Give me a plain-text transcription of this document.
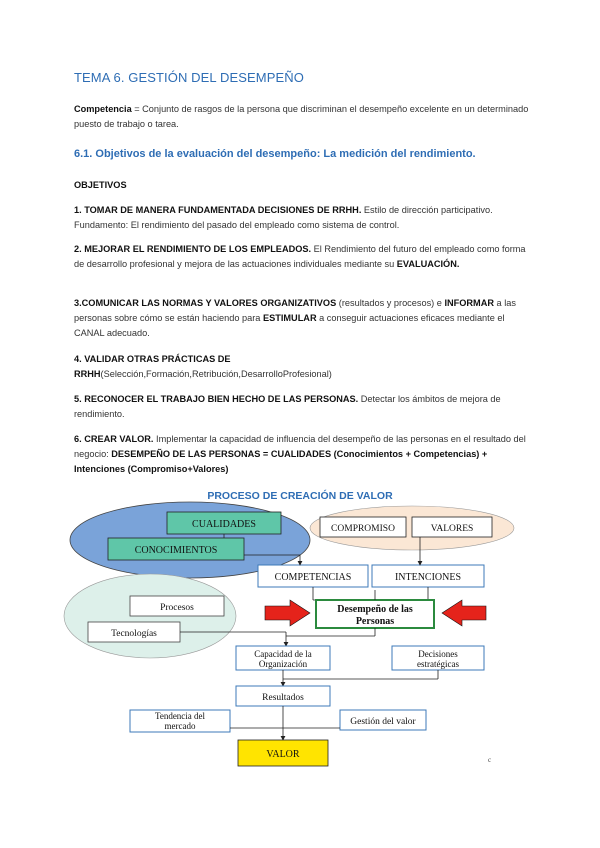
TEMA 6. GESTIÓN DEL DESEMPEÑO
Competencia = Conjunto de rasgos de la persona que discriminan el desempeño excelente en un determinado puesto de trabajo o tarea.
6.1. Objetivos de la evaluación del desempeño: La medición del rendimiento.
OBJETIVOS
1. TOMAR DE MANERA FUNDAMENTADA DECISIONES DE RRHH. Estilo de dirección participativo. Fundamento: El rendimiento del pasado del empleado como sistema de control.
2. MEJORAR EL RENDIMIENTO DE LOS EMPLEADOS. El Rendimiento del futuro del empleado como forma de desarrollo profesional y mejora de las actuaciones individuales mediante su EVALUACIÓN.
3.COMUNICAR LAS NORMAS Y VALORES ORGANIZATIVOS (resultados y procesos) e INFORMAR a las personas sobre cómo se están haciendo para ESTIMULAR a conseguir actuaciones eficaces mediante el CANAL adecuado.
4. VALIDAR OTRAS PRÁCTICAS DE RRHH(Selección,Formación,Retribución,DesarrolloProfesional)
5. RECONOCER EL TRABAJO BIEN HECHO DE LAS PERSONAS. Detectar los ámbitos de mejora de rendimiento.
6. CREAR VALOR. Implementar la capacidad de influencia del desempeño de las personas en el resultado del negocio: DESEMPEÑO DE LAS PERSONAS = CUALIDADES (Conocimientos + Competencias) + Intenciones (Compromiso+Valores)
PROCESO DE CREACIÓN DE VALOR
CUALIDADES
CONOCIMIENTOS
COMPROMISO	VALORES
COMPETENCIAS	INTENCIONES
Procesos
Tecnologías
Desempeño de las
Personas
Capacidad de la
Organización
Decisiones
estratégicas
Resultados
Tendencia del
mercado	Gestión del valor
VALOR	c
